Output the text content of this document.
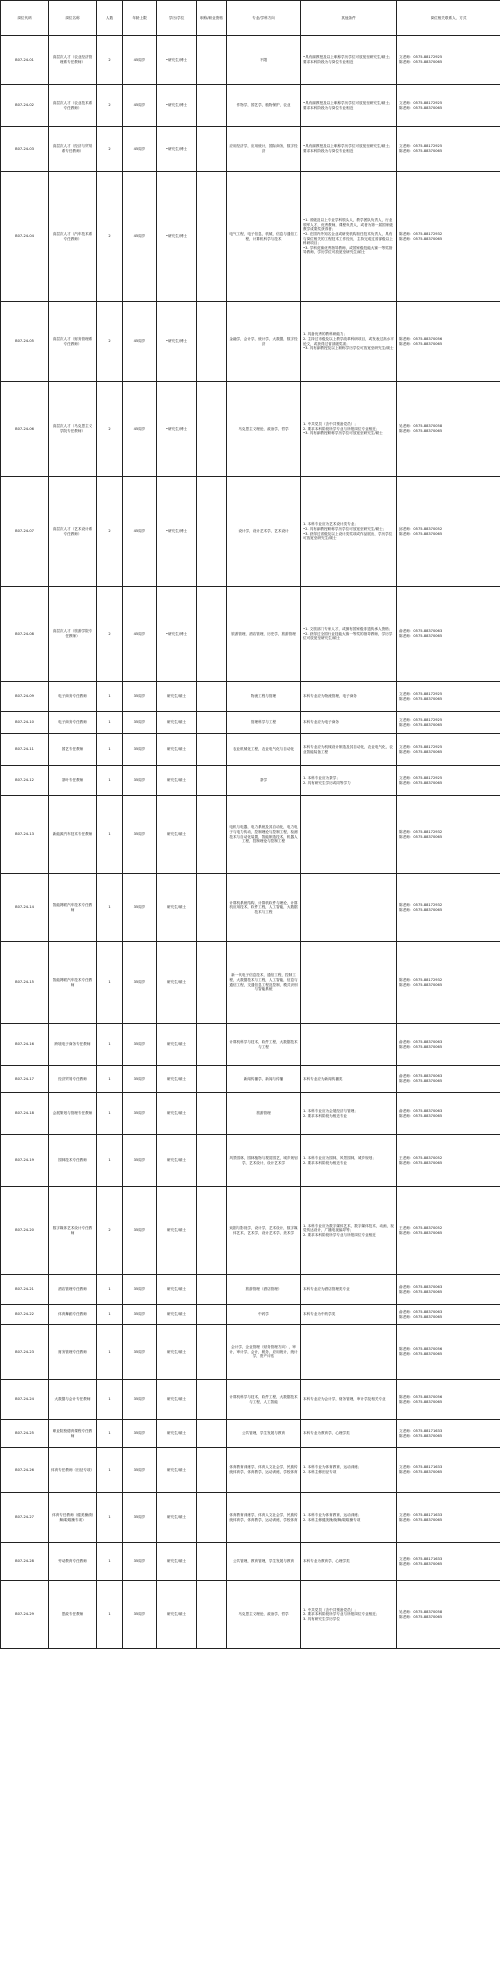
岗位代码	岗位名称	人数	年龄上限	学历/学位	职称/职业资格	专业/学科方向	其他条件	岗位相关联系人、方式
B07-24-01	高层次人才（农业经济管理系专任教师）	2	45周岁	•研究生/博士		不限	•具有副教授及以上职称学历学位可放宽至研究生/硕士；要求本科阶段为与岗位专业相近	文老师：0575-88172925
陈老师：0575-88370065
B07-24-02	高层次人才（农业技术系专任教师）	2	45周岁	•研究生/博士		作物学，园艺学，植物保护，农业	•具有副教授及以上职称学历学位可放宽至研究生/硕士；要求本科阶段为与岗位专业相近	文老师：0575-88172925
陈老师：0575-88370065
B07-24-03	高层次人才（经济与贸易系专任教师）	2	45周岁	•研究生/博士		应用经济学，应用统计，国际商务，数字经济	•具有副教授及以上职称学历学位可放宽至研究生/硕士；要求本科阶段为与岗位专业相近	文老师：0575-88172925
陈老师：0575-88370065
B07-24-04	高层次人才（汽车技术系专任教师）	2	45周岁	•研究生/博士		电气工程，电子信息，机械，信息与通信工程，计算机科学与技术	•1. 省级及以上专业学科领头人，教学团队负责人，行业领军人才，优秀教师，课程负责人，或者为第一届国家级教学成果奖获得者；
•2. 在国内外知名企业或研发机构担任技术负责人，具有与岗位相关的工程技术工作经历，主持完成过省部级以上科研项目；
•3. 学科竞赛优秀指导教师，或国家级技能大赛一等奖指导教师，学历学位可放宽至研究生/硕士	陈老师：0575-88172932
陈老师：0575-88370065
B07-24-05	高层次人才（财务管理系专任教师）	2	45周岁	•研究生/博士		金融学，会计学，统计学，大数据，数字经济	1. 具备优秀的教科研能力；
2. 主持过市级及以上教学改革科研项目，或发表过高水平论文，或获得过省部级奖项；
•3. 具有副教授及以上职称学历学位可放宽至研究生/硕士	陈老师：0575-88370056
陈老师：0575-88370065
B07-24-06	高层次人才（马克思主义学院专任教师）	2	45周岁	•研究生/博士		马克思主义理论，政治学，哲学	1. 中共党员（含中共预备党员）；
2. 要求本科阶段所学专业与所报岗位专业相近；
•3. 具有副教授职称学历学位可放宽至研究生/硕士	吴老师：0575-88370058
陈老师：0575-88370065
B07-24-07	高层次人才（艺术设计系专任教师）	2	45周岁	•研究生/博士		设计学，设计艺术学，艺术设计	1. 本科专业应为艺术设计类专业；
•2. 具有副教授职称学历学位可放宽至研究生/硕士；
•3. 获得过省级及以上设计类奖项或作品展出，学历学位可放宽至研究生/硕士	邱老师：0575-88370052
陈老师：0575-88370065
B07-24-08	高层次人才（旅游学院专任教师）	2	45周岁	•研究生/博士		旅游管理，酒店管理，历史学，旅游管理	•1. 文旅部门专家人才，或拥有国家级非遗传承人资格；
•2. 获得过全国行业技能大赛一等奖的指导教师，学历学位可放宽至研究生/硕士	俞老师：0575-88370063
陈老师：0575-88370065
B07-24-09	电子商务专任教师	1	35周岁	研究生/硕士		物流工程与管理	本科专业应为物流管理，电子商务	文老师：0575-88172925
陈老师：0575-88370065
B07-24-10	电子商务专任教师	1	35周岁	研究生/硕士		管理科学与工程	本科专业应为电子商务	文老师：0575-88172925
陈老师：0575-88370065
B07-24-11	园艺专任教师	1	35周岁	研究生/硕士		农业机械化工程，农业电气化与自动化	本科专业应为机械设计制造及其自动化，农业电气化，农业智能装备工程	文老师：0575-88172925
陈老师：0575-88370065
B07-24-12	茶叶专任教师	1	35周岁	研究生/硕士		茶学	1. 本科专业应为茶学；
2. 具有研究生学历或同等学力	文老师：0575-88172925
陈老师：0575-88370065
B07-24-13	新能源汽车技术专任教师	1	35周岁	研究生/硕士		电机与电器，电力系统及其自动化，电力电子与电力传动，控制理论与控制工程，检测技术与自动化装置，智能制造技术，机器人工程，控制理论与控制工程		陈老师：0575-88172932
陈老师：0575-88370065
B07-24-14	智能网联汽车技术专任教师	1	35周岁	研究生/硕士		计算机系统结构，计算机软件与理论，计算机应用技术，软件工程，人工智能，大数据技术与工程		陈老师：0575-88172932
陈老师：0575-88370065
B07-24-15	智能网联汽车技术专任教师	1	35周岁	研究生/硕士		新一代电子信息技术，通信工程，控制工程，大数据技术与工程，人工智能，信息与通信工程，交通信息工程及控制，模式识别与智能系统		陈老师：0575-88172932
陈老师：0575-88370065
B07-24-16	跨境电子商务专任教师	1	35周岁	研究生/硕士		计算机科学与技术，软件工程，大数据技术与工程		俞老师：0575-88370063
陈老师：0575-88370065
B07-24-17	经济贸易专任教师	1	35周岁	研究生/硕士		新闻传播学，新闻与传播	本科专业应为新闻传播类	俞老师：0575-88370063
陈老师：0575-88370065
B07-24-18	会展策划与管理专任教师	1	35周岁	研究生/硕士		旅游管理	1. 本科专业应为会展经济与管理；
2. 要求本科阶段为相近专业	俞老师：0575-88370063
陈老师：0575-88370065
B07-24-19	园林技术专任教师	1	35周岁	研究生/硕士		风景园林，园林植物与观赏园艺，城乡规划学，艺术设计，设计艺术学	1. 本科专业应为园林，风景园林，城乡规划；
2. 要求本科阶段为相近专业	王老师：0575-88370052
陈老师：0575-88370065
B07-24-20	数字媒体艺术设计专任教师	2	35周岁	研究生/硕士		戏剧与影视学，设计学，艺术设计，数字媒体艺术，艺术学，设计艺术学，美术学	1. 本科专业应为数字媒体艺术，数字媒体技术，动画，视觉传达设计，广播电视编导等；
2. 要求本科阶段所学专业与所报岗位专业相近	王老师：0575-88370052
陈老师：0575-88370065
B07-24-21	酒店管理专任教师	1	35周岁	研究生/硕士		旅游管理（酒店管理）	本科专业应为酒店管理类专业	俞老师：0575-88370063
陈老师：0575-88370065
B07-24-22	体育舞蹈专任教师	1	35周岁	研究生/硕士		中药学	本科专业为中药学类	俞老师：0575-88370063
陈老师：0575-88370065
B07-24-23	财务管理专任教师	1	35周岁	研究生/硕士		会计学，企业管理（财务管理方向），审计，审计学，会计，税务，应用统计，统计学，资产评估		陈老师：0575-88370056
陈老师：0575-88370065
B07-24-24	大数据与会计专任教师	1	35周岁	研究生/硕士		计算机科学与技术，软件工程，大数据技术与工程，人工智能	本科专业应为会计学，财务管理，审计学及相关专业	陈老师：0575-88370056
陈老师：0575-88370065
B07-24-25	职业院校德育课程专任教师	1	35周岁	研究生/硕士		公共管理，学生发展与教育	本科专业为教育学，心理学类	文老师：0575-88171633
陈老师：0575-88370065
B07-24-26	体育专任教师（田径专项）	1	35周岁	研究生/硕士		体育教育训练学，体育人文社会学，民族传统体育学，体育教学，运动训练，学校体育	1. 本科专业为体育教育，运动训练；
2. 本科主修田径专项	文老师：0575-88171633
陈老师：0575-88370065
B07-24-27	体育专任教师（健美操/街舞/啦啦操专项）	1	35周岁	研究生/硕士		体育教育训练学，体育人文社会学，民族传统体育学，体育教学，运动训练，学校体育	1. 本科专业为体育教育，运动训练；
2. 本科主修健美操/街舞/啦啦操专项	文老师：0575-88171633
陈老师：0575-88370065
B07-24-28	劳动教育专任教师	1	35周岁	研究生/硕士		公共管理，教育管理，学生发展与教育	本科专业为教育学，心理学类	文老师：0575-88171633
陈老师：0575-88370065
B07-24-29	思政专任教师	1	35周岁	研究生/硕士		马克思主义理论，政治学，哲学	1. 中共党员（含中共预备党员）；
2. 要求本科阶段所学专业与所报岗位专业相近；
3. 具有研究生学历学位	吴老师：0575-88370058
陈老师：0575-88370065
